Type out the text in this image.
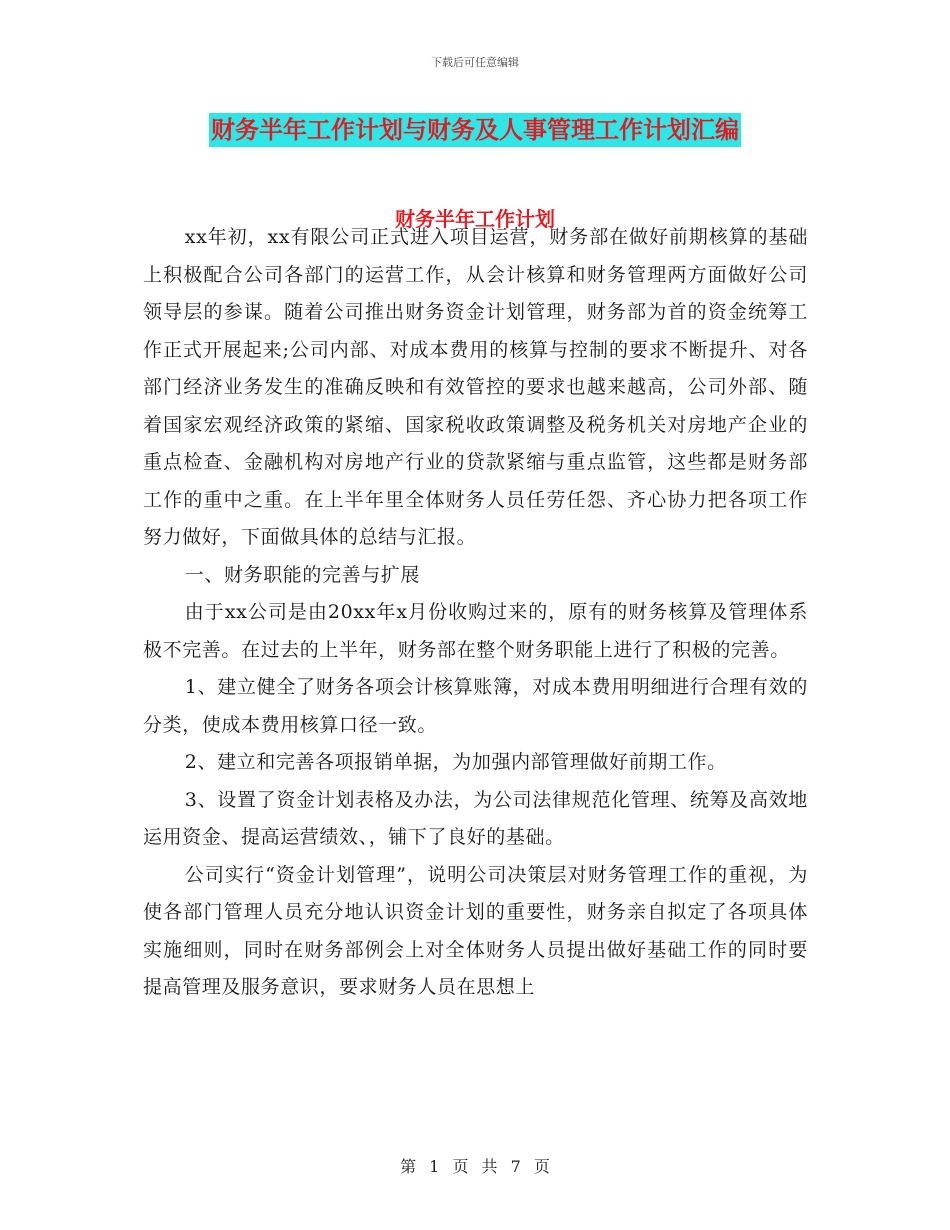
下载后可任意编辑
财务半年工作计划与财务及人事管理工作计划汇编
财务半年工作计划

xx年初，xx有限公司正式进入项目运营，财务部在做好前期核算的基础上积极配合公司各部门的运营工作，从会计核算和财务管理两方面做好公司领导层的参谋。随着公司推出财务资金计划管理，财务部为首的资金统筹工作正式开展起来;公司内部、对成本费用的核算与控制的要求不断提升、对各部门经济业务发生的准确反映和有效管控的要求也越来越高，公司外部、随着国家宏观经济政策的紧缩、国家税收政策调整及税务机关对房地产企业的重点检查、金融机构对房地产行业的贷款紧缩与重点监管，这些都是财务部工作的重中之重。在上半年里全体财务人员任劳任怨、齐心协力把各项工作努力做好，下面做具体的总结与汇报。

一、财务职能的完善与扩展

由于xx公司是由20xx年x月份收购过来的，原有的财务核算及管理体系极不完善。在过去的上半年，财务部在整个财务职能上进行了积极的完善。

1、建立健全了财务各项会计核算账簿，对成本费用明细进行合理有效的分类，使成本费用核算口径一致。

2、建立和完善各项报销单据，为加强内部管理做好前期工作。

3、设置了资金计划表格及办法，为公司法律规范化管理、统筹及高效地运用资金、提高运营绩效、，铺下了良好的基础。

公司实行“资金计划管理”，说明公司决策层对财务管理工作的重视，为使各部门管理人员充分地认识资金计划的重要性，财务亲自拟定了各项具体实施细则，同时在财务部例会上对全体财务人员提出做好基础工作的同时要提高管理及服务意识，要求财务人员在思想上

第 1 页 共 7 页
